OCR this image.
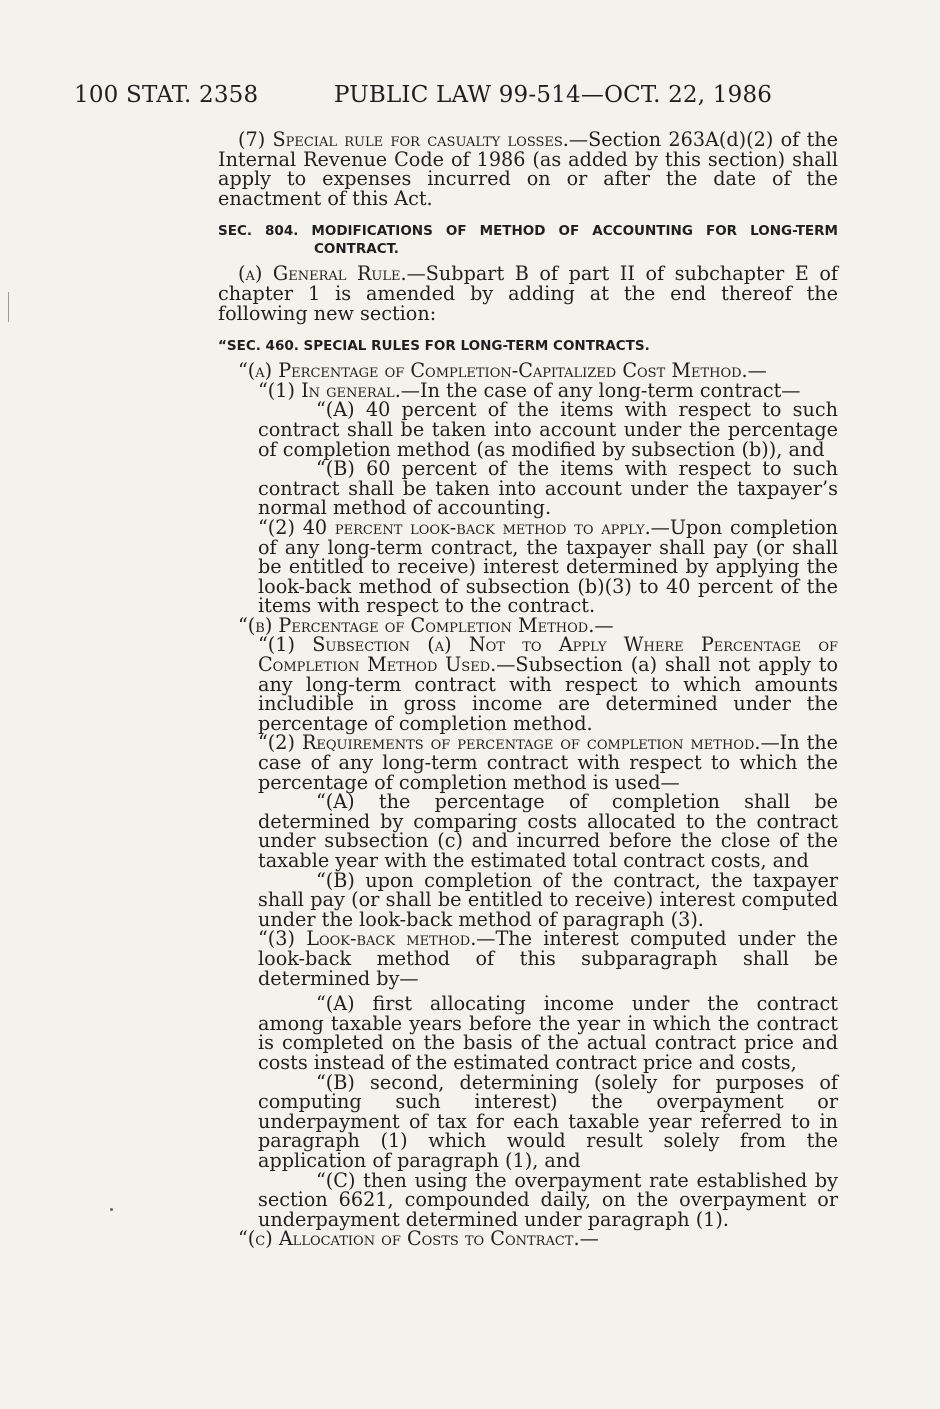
100 STAT. 2358	PUBLIC LAW 99-514—OCT. 22, 1986

(7) Special rule for casualty losses.—Section 263A(d)(2) of the Internal Revenue Code of 1986 (as added by this section) shall apply to expenses incurred on or after the date of the enactment of this Act.

SEC. 804. MODIFICATIONS OF METHOD OF ACCOUNTING FOR LONG-TERM CONTRACT.

(a) General Rule.—Subpart B of part II of subchapter E of chapter 1 is amended by adding at the end thereof the following new section:

“SEC. 460. SPECIAL RULES FOR LONG-TERM CONTRACTS.

“(a) Percentage of Completion-Capitalized Cost Method.—

“(1) In general.—In the case of any long-term contract—

“(A) 40 percent of the items with respect to such contract shall be taken into account under the percentage of completion method (as modified by subsection (b)), and

“(B) 60 percent of the items with respect to such contract shall be taken into account under the taxpayer’s normal method of accounting.

“(2) 40 percent look-back method to apply.—Upon completion of any long-term contract, the taxpayer shall pay (or shall be entitled to receive) interest determined by applying the look-back method of subsection (b)(3) to 40 percent of the items with respect to the contract.

“(b) Percentage of Completion Method.—

“(1) Subsection (a) Not to Apply Where Percentage of Completion Method Used.—Subsection (a) shall not apply to any long-term contract with respect to which amounts includible in gross income are determined under the percentage of completion method.

“(2) Requirements of percentage of completion method.—In the case of any long-term contract with respect to which the percentage of completion method is used—

“(A) the percentage of completion shall be determined by comparing costs allocated to the contract under subsection (c) and incurred before the close of the taxable year with the estimated total contract costs, and

“(B) upon completion of the contract, the taxpayer shall pay (or shall be entitled to receive) interest computed under the look-back method of paragraph (3).

“(3) Look-back method.—The interest computed under the look-back method of this subparagraph shall be determined by—

“(A) first allocating income under the contract among taxable years before the year in which the contract is completed on the basis of the actual contract price and costs instead of the estimated contract price and costs,

“(B) second, determining (solely for purposes of computing such interest) the overpayment or underpayment of tax for each taxable year referred to in paragraph (1) which would result solely from the application of paragraph (1), and

“(C) then using the overpayment rate established by section 6621, compounded daily, on the overpayment or underpayment determined under paragraph (1).

“(c) Allocation of Costs to Contract.—
